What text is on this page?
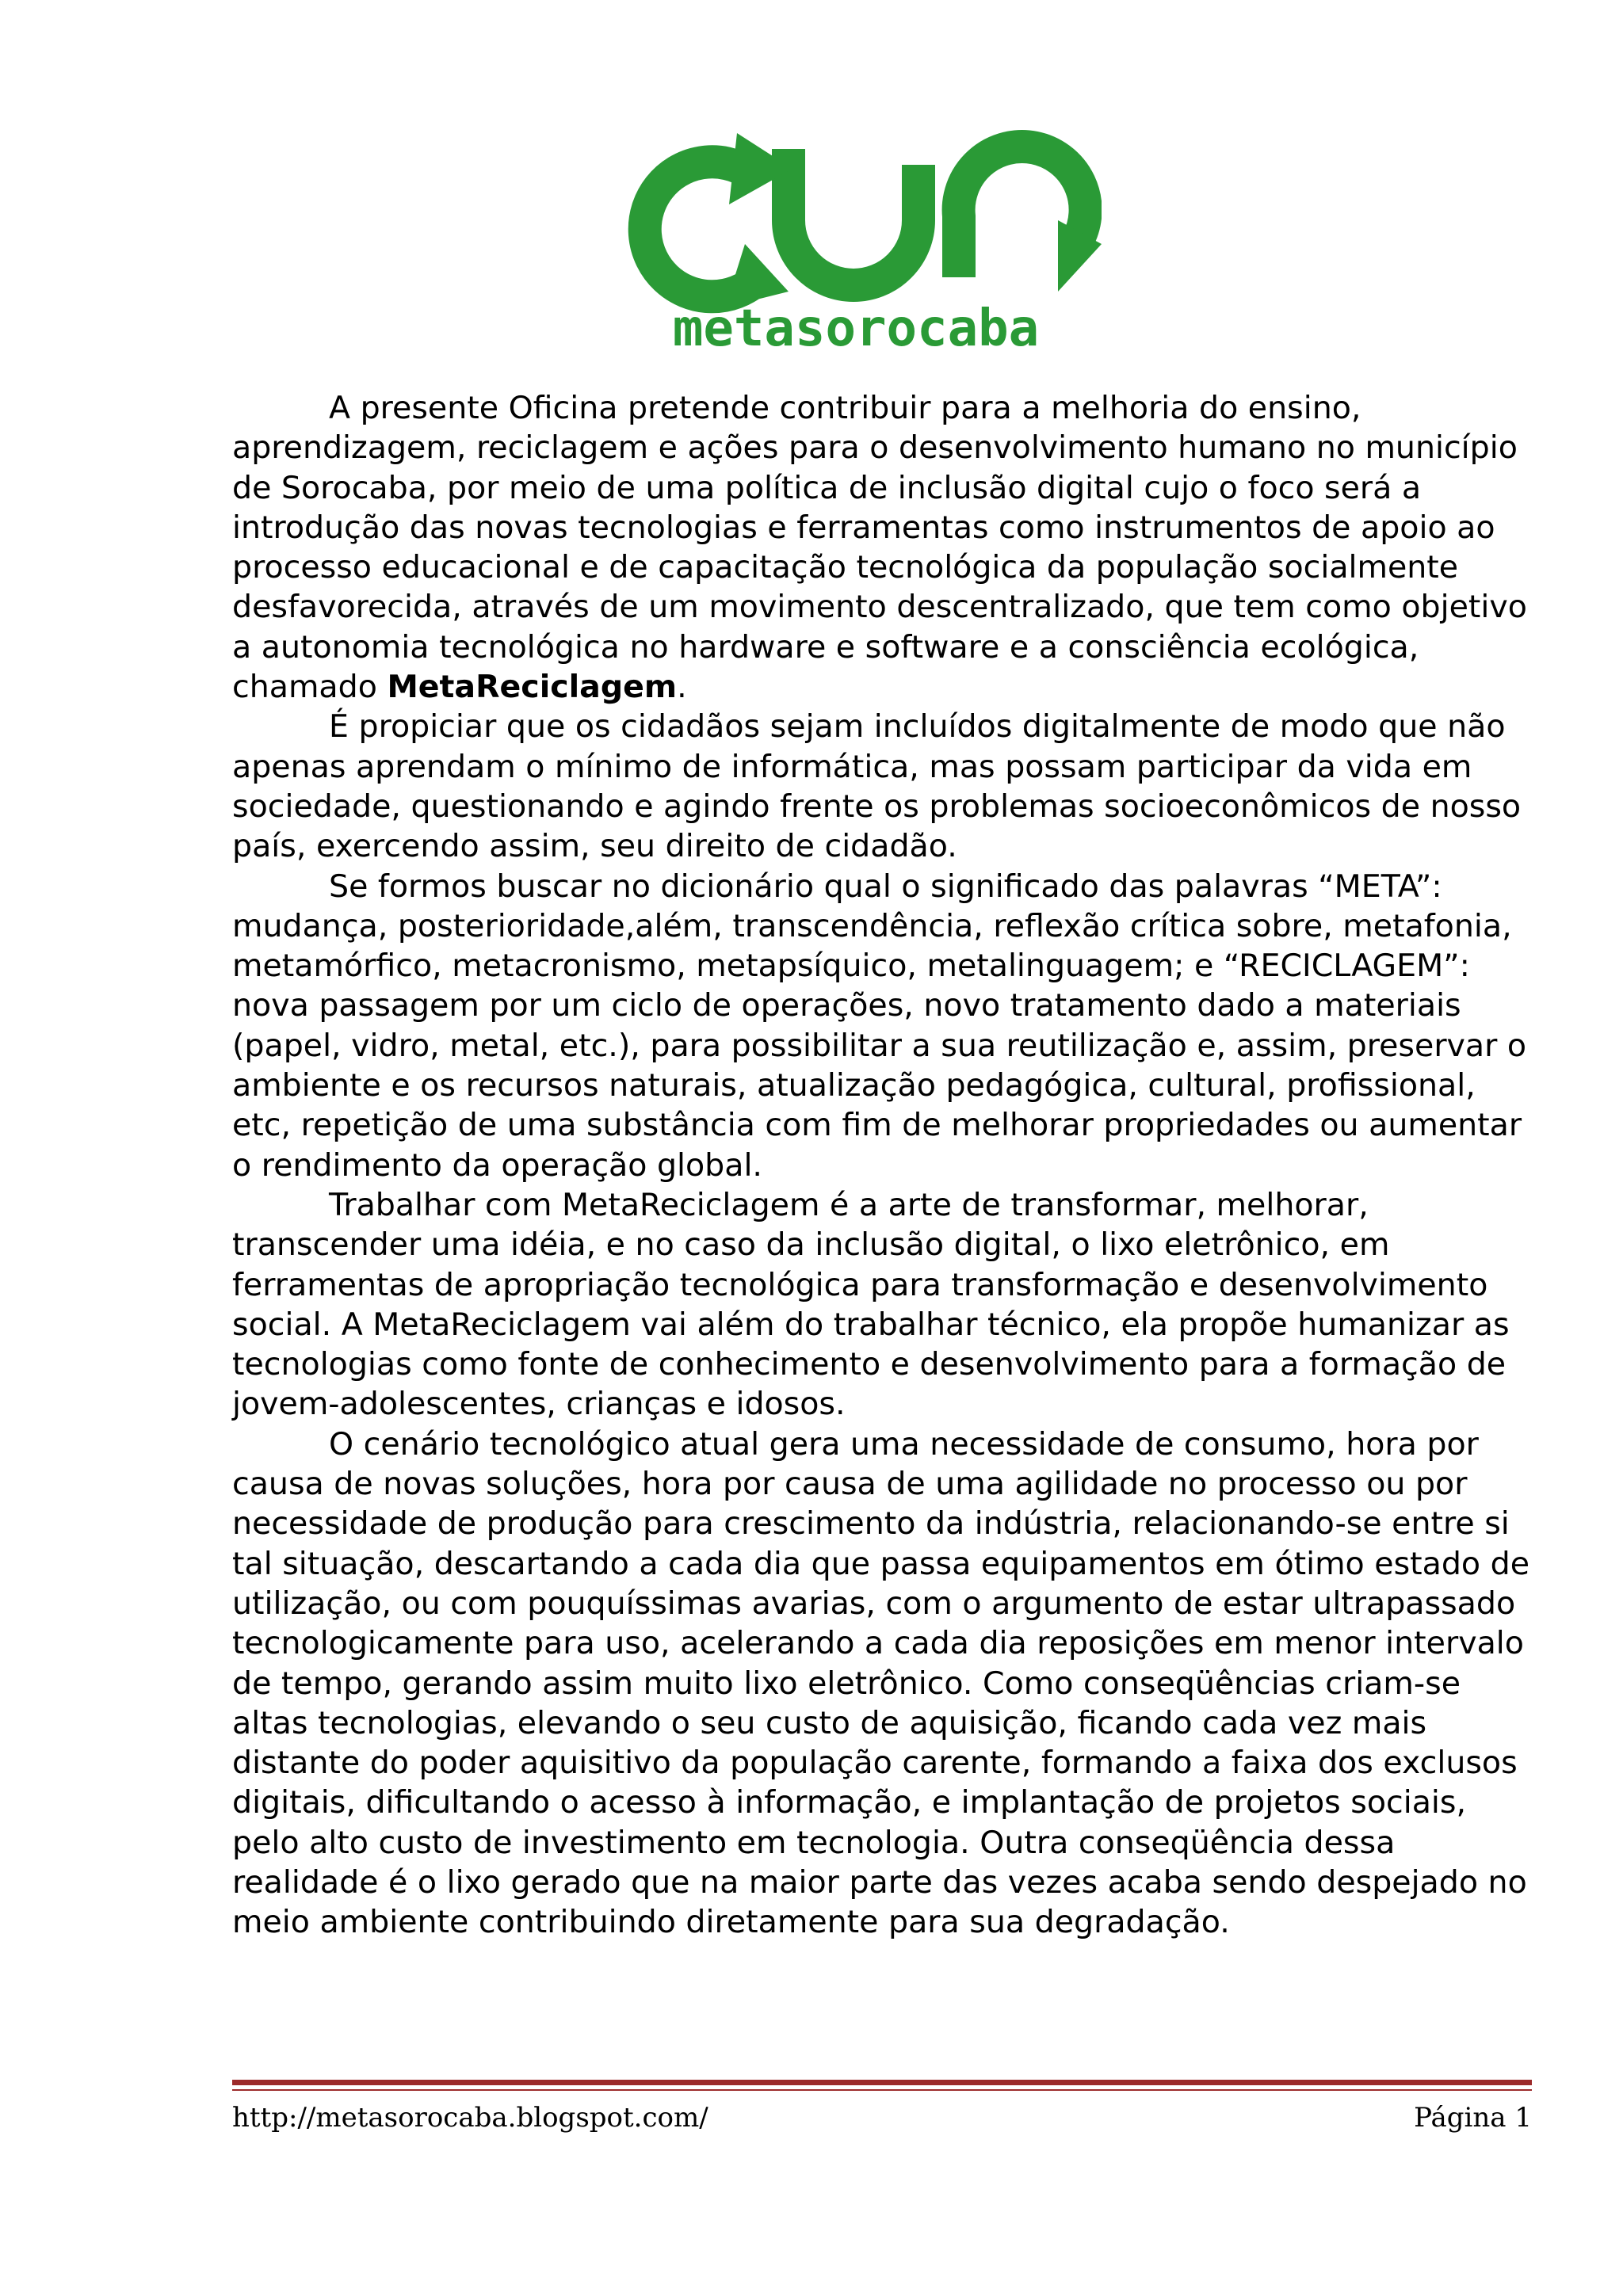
metasorocaba

A presente Oficina pretende contribuir para a melhoria do ensino, aprendizagem, reciclagem e ações para o desenvolvimento humano no município de Sorocaba, por meio de uma política de inclusão digital cujo o foco será a introdução das novas tecnologias e ferramentas como instrumentos de apoio ao processo educacional e de capacitação tecnológica da população socialmente desfavorecida, através de um movimento descentralizado, que tem como objetivo a autonomia tecnológica no hardware e software e a consciência ecológica, chamado MetaReciclagem.

É propiciar que os cidadãos sejam incluídos digitalmente de modo que não apenas aprendam o mínimo de informática, mas possam participar da vida em sociedade, questionando e agindo frente os problemas socioeconômicos de nosso país, exercendo assim, seu direito de cidadão.

Se formos buscar no dicionário qual o significado das palavras “META”: mudança, posterioridade,além, transcendência, reflexão crítica sobre, metafonia, metamórfico, metacronismo, metapsíquico, metalinguagem; e “RECICLAGEM”: nova passagem por um ciclo de operações, novo tratamento dado a materiais (papel, vidro, metal, etc.), para possibilitar a sua reutilização e, assim, preservar o ambiente e os recursos naturais, atualização pedagógica, cultural, profissional, etc, repetição de uma substância com fim de melhorar propriedades ou aumentar o rendimento da operação global.

Trabalhar com MetaReciclagem é a arte de transformar, melhorar, transcender uma idéia, e no caso da inclusão digital, o lixo eletrônico, em ferramentas de apropriação tecnológica para transformação e desenvolvimento social. A MetaReciclagem vai além do trabalhar técnico, ela propõe humanizar as tecnologias como fonte de conhecimento e desenvolvimento para a formação de jovem-adolescentes, crianças e idosos.

O cenário tecnológico atual gera uma necessidade de consumo, hora por causa de novas soluções, hora por causa de uma agilidade no processo ou por necessidade de produção para crescimento da indústria, relacionando-se entre si tal situação, descartando a cada dia que passa equipamentos em ótimo estado de utilização, ou com pouquíssimas avarias, com o argumento de estar ultrapassado tecnologicamente para uso, acelerando a cada dia reposições em menor intervalo de tempo, gerando assim muito lixo eletrônico. Como conseqüências criam-se altas tecnologias, elevando o seu custo de aquisição, ficando cada vez mais distante do poder aquisitivo da população carente, formando a faixa dos exclusos digitais, dificultando o acesso à informação, e implantação de projetos sociais, pelo alto custo de investimento em tecnologia. Outra conseqüência dessa realidade é o lixo gerado que na maior parte das vezes acaba sendo despejado no meio ambiente contribuindo diretamente para sua degradação.

http://metasorocaba.blogspot.com/	Página 1
